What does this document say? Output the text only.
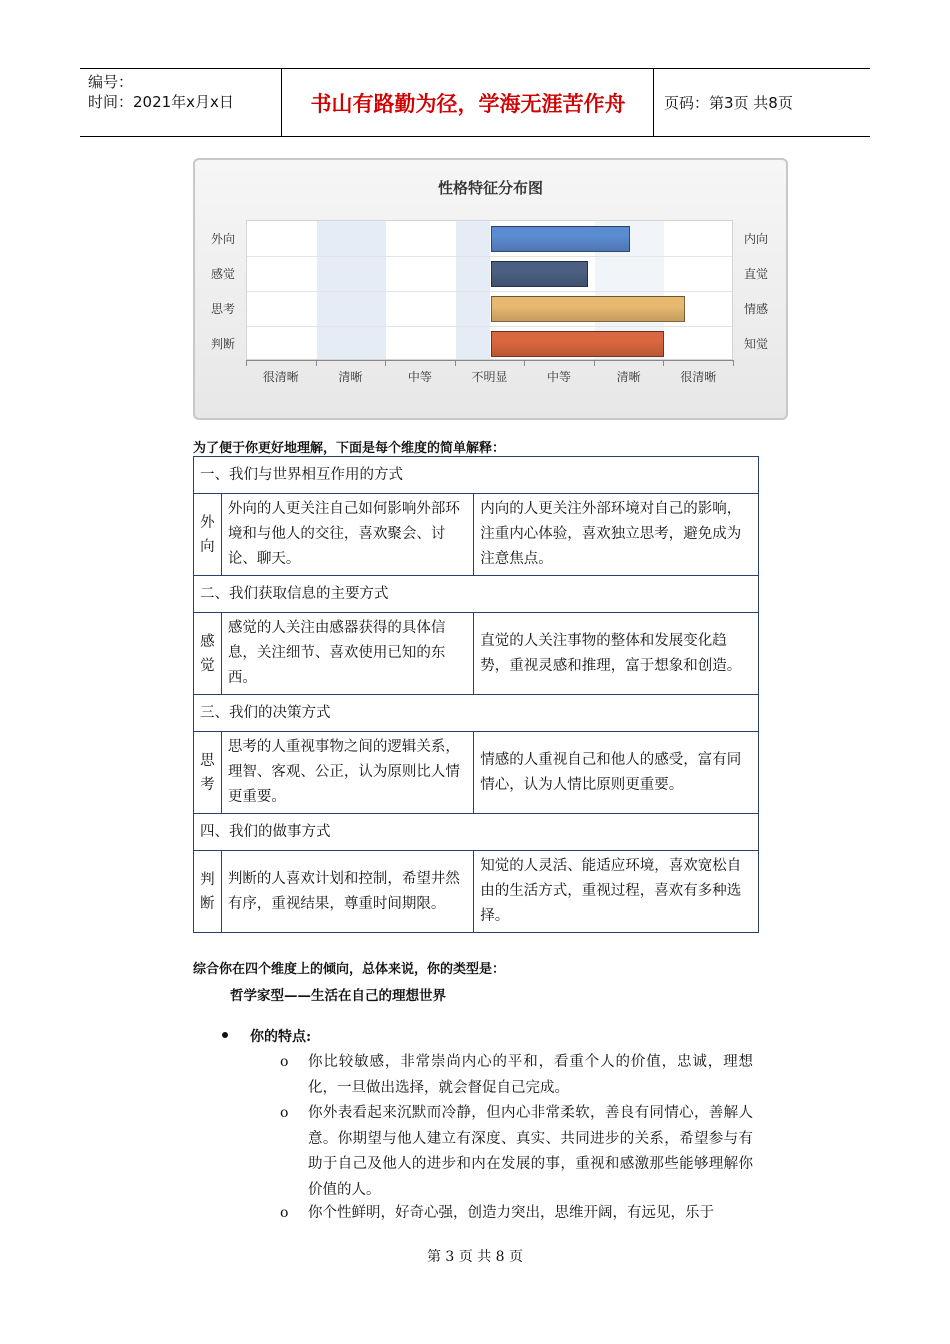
编号：
时间：2021年x月x日	书山有路勤为径，学海无涯苦作舟	页码：第3页 共8页
性格特征分布图
外向
感觉
思考
判断
内向
直觉
情感
知觉
很清晰	清晰	中等	不明显	中等	清晰	很清晰
为了便于你更好地理解，下面是每个维度的简单解释：
一、我们与世界相互作用的方式		
外
向	外向的人更关注自己如何影响外部环境和与他人的交往，喜欢聚会、讨论、聊天。	内向的人更关注外部环境对自己的影响，注重内心体验，喜欢独立思考，避免成为注意焦点。
二、我们获取信息的主要方式		
感
觉	感觉的人关注由感器获得的具体信息，关注细节、喜欢使用已知的东西。	直觉的人关注事物的整体和发展变化趋势，重视灵感和推理，富于想象和创造。
三、我们的决策方式		
思
考	思考的人重视事物之间的逻辑关系，理智、客观、公正，认为原则比人情更重要。	情感的人重视自己和他人的感受，富有同情心，认为人情比原则更重要。
四、我们的做事方式		
判
断	判断的人喜欢计划和控制，希望井然有序，重视结果，尊重时间期限。	知觉的人灵活、能适应环境，喜欢宽松自由的生活方式，重视过程，喜欢有多种选择。
综合你在四个维度上的倾向，总体来说，你的类型是：
哲学家型——生活在自己的理想世界
你的特点:
o 你比较敏感，非常崇尚内心的平和，看重个人的价值，忠诚，理想化，一旦做出选择，就会督促自己完成。
o 你外表看起来沉默而冷静，但内心非常柔软，善良有同情心，善解人意。你期望与他人建立有深度、真实、共同进步的关系，希望参与有助于自己及他人的进步和内在发展的事，重视和感激那些能够理解你价值的人。
o 你个性鲜明，好奇心强，创造力突出，思维开阔，有远见，乐于
第 3 页 共 8 页
